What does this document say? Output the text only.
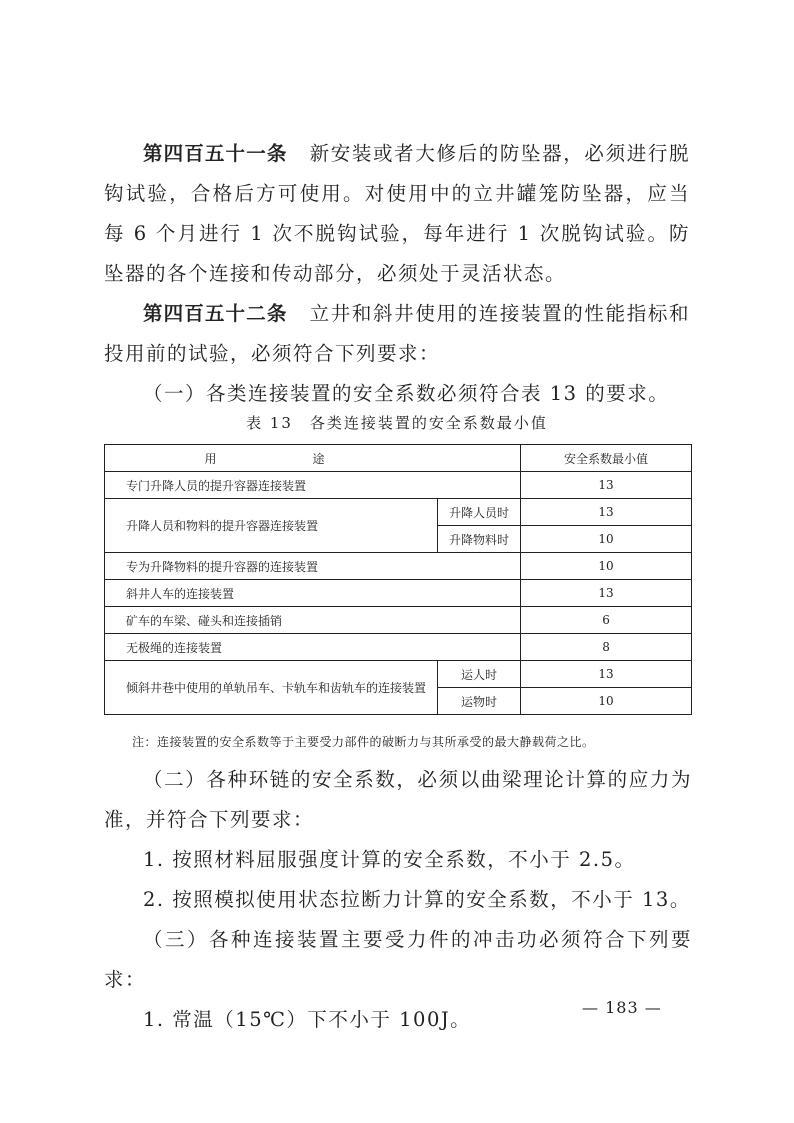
第四百五十一条 新安装或者大修后的防坠器，必须进行脱钩试验，合格后方可使用。对使用中的立井罐笼防坠器，应当每 6 个月进行 1 次不脱钩试验，每年进行 1 次脱钩试验。防坠器的各个连接和传动部分，必须处于灵活状态。

第四百五十二条 立井和斜井使用的连接装置的性能指标和投用前的试验，必须符合下列要求：

（一）各类连接装置的安全系数必须符合表 13 的要求。

表 13　各类连接装置的安全系数最小值
用途		安全系数最小值
专门升降人员的提升容器连接装置		13
升降人员和物料的提升容器连接装置	升降人员时	13
	升降物料时	10
专为升降物料的提升容器的连接装置		10
斜井人车的连接装置		13
矿车的车梁、碰头和连接插销		6
无极绳的连接装置		8
倾斜井巷中使用的单轨吊车、卡轨车和齿轨车的连接装置	运人时	13
	运物时	10
注：连接装置的安全系数等于主要受力部件的破断力与其所承受的最大静载荷之比。

（二）各种环链的安全系数，必须以曲梁理论计算的应力为准，并符合下列要求：

1. 按照材料屈服强度计算的安全系数，不小于 2.5。

2. 按照模拟使用状态拉断力计算的安全系数，不小于 13。

（三）各种连接装置主要受力件的冲击功必须符合下列要求：

1. 常温（15℃）下不小于 100J。

— 183 —
